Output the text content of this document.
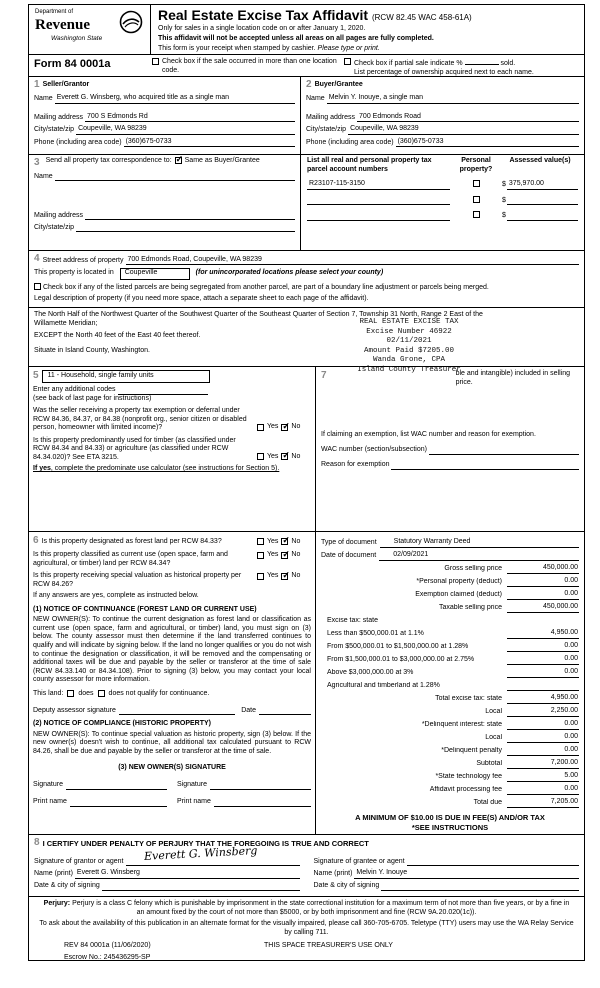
Department of
Revenue
Washington State
Real Estate Excise Tax Affidavit (RCW 82.45 WAC 458-61A)
Only for sales in a single location code on or after January 1, 2020.
This affidavit will not be accepted unless all areas on all pages are fully completed.
This form is your receipt when stamped by cashier. Please type or print.
Form 84 0001a	Check box if the sale occurred in more than one location code.
Check box if partial sale indicate %	sold.
List percentage of ownership acquired next to each name.
1 Seller/Grantor
Name Everett G. Winsberg, who acquired title as a single man
Mailing address 700 S Edmonds Rd
City/state/zip Coupeville, WA 98239
Phone (including area code) (360)675-0733
2 Buyer/Grantee
Name Melvin Y. Inouye, a single man
Mailing address 700 Edmonds Road
City/state/zip Coupeville, WA 98239
Phone (including area code) (360)675-0733
3 Send all property tax correspondence to: ✓ Same as Buyer/Grantee
Name
Mailing address
City/state/zip
List all real and personal property tax parcel account numbers
Personal property?
Assessed value(s)
R23107-115-3150	$ 375,970.00
$
$
4 Street address of property 700 Edmonds Road, Coupeville, WA 98239
This property is located in Coupeville	(for unincorporated locations please select your county)
Check box if any of the listed parcels are being segregated from another parcel, are part of a boundary line adjustment or parcels being merged.
Legal description of property (if you need more space, attach a separate sheet to each page of the affidavit).

The North Half of the Northwest Quarter of the Southwest Quarter of the Southeast Quarter of Section 7, Township 31 North, Range 2 East of the Willamette Meridian;

EXCEPT the North 40 feet of the East 40 feet thereof.

Situate in Island County, Washington.

5	11 - Household, single family units
Enter any additional codes
(see back of last page for instructions)
Was the seller receiving a property tax exemption or deferral under RCW 84.36, 84.37, or 84.38 (nonprofit org., senior citizen or disabled person, homeowner with limited income)?	Yes ✓ No
Is this property predominantly used for timber (as classified under RCW 84.34 and 84.33) or agriculture (as classified under RCW 84.34.020)? See ETA 3215.	Yes ✓ No
If yes, complete the predominate use calculator (see instructions for Section 5).
7	ble and intangible) included in selling price.
If claiming an exemption, list WAC number and reason for exemption.
WAC number (section/subsection)
Reason for exemption
6 Is this property designated as forest land per RCW 84.33?	Yes ✓ No
Is this property classified as current use (open space, farm and agricultural, or timber) land per RCW 84.34?
Yes ✓ No
Is this property receiving special valuation as historical property per RCW 84.26?
Yes ✓ No
If any answers are yes, complete as instructed below.
(1) NOTICE OF CONTINUANCE (FOREST LAND OR CURRENT USE)
NEW OWNER(S): To continue the current designation as forest land or classification as current use (open space, farm and agricultural, or timber) land, you must sign on (3) below. The county assessor must then determine if the land transferred continues to qualify and will indicate by signing below. If the land no longer qualifies or you do not wish to continue the designation or classification, it will be removed and the compensating or additional taxes will be due and payable by the seller or transferor at the time of sale (RCW 84.33.140 or 84.34.108). Prior to signing (3) below, you may contact your local county assessor for more information.
This land: does does not qualify for continuance.
Deputy assessor signature	Date
(2) NOTICE OF COMPLIANCE (HISTORIC PROPERTY)
NEW OWNER(S): To continue special valuation as historic property, sign (3) below. If the new owner(s) doesn't wish to continue, all additional tax calculated pursuant to RCW 84.26, shall be due and payable by the seller or transferor at the time of sale.
(3) NEW OWNER(S) SIGNATURE
Signature	Signature
Print name	Print name
Type of document	Statutory Warranty Deed
Date of document	02/09/2021
Gross selling price	450,000.00
*Personal property (deduct)	0.00
Exemption claimed (deduct)	0.00
Taxable selling price	450,000.00
Excise tax: state
Less than $500,000.01 at 1.1%	4,950.00
From $500,000.01 to $1,500,000.00 at 1.28%	0.00
From $1,500,000.01 to $3,000,000.00 at 2.75%	0.00
Above $3,000,000.00 at 3%	0.00
Agricultural and timberland at 1.28%
Total excise tax: state	4,950.00
Local	2,250.00
*Delinquent interest: state	0.00
Local	0.00
*Delinquent penalty	0.00
Subtotal	7,200.00
*State technology fee	5.00
Affidavit processing fee	0.00
Total due	7,205.00
A MINIMUM OF $10.00 IS DUE IN FEE(S) AND/OR TAX
*SEE INSTRUCTIONS
8 I CERTIFY UNDER PENALTY OF PERJURY THAT THE FOREGOING IS TRUE AND CORRECT
Signature of grantor or agent Everett G. Winsberg
Name (print) Everett G. Winsberg
Date & city of signing
Signature of grantee or agent
Name (print) Melvin Y. Inouye
Date & city of signing

Perjury: Perjury is a class C felony which is punishable by imprisonment in the state correctional institution for a maximum term of not more than five years, or by a fine in an amount fixed by the court of not more than $5000, or by both imprisonment and fine (RCW 9A.20.020(1c)).

To ask about the availability of this publication in an alternate format for the visually impaired, please call 360-705-6705. Teletype (TTY) users may use the WA Relay Service by calling 711.

REV 84 0001a (11/06/2020)	THIS SPACE TREASURER'S USE ONLY
Escrow No.: 245436295-SP
REAL ESTATE EXCISE TAX
Excise Number 46922
02/11/2021
Amount Paid $7205.00
Wanda Grone, CPA
Island County Treasurer
